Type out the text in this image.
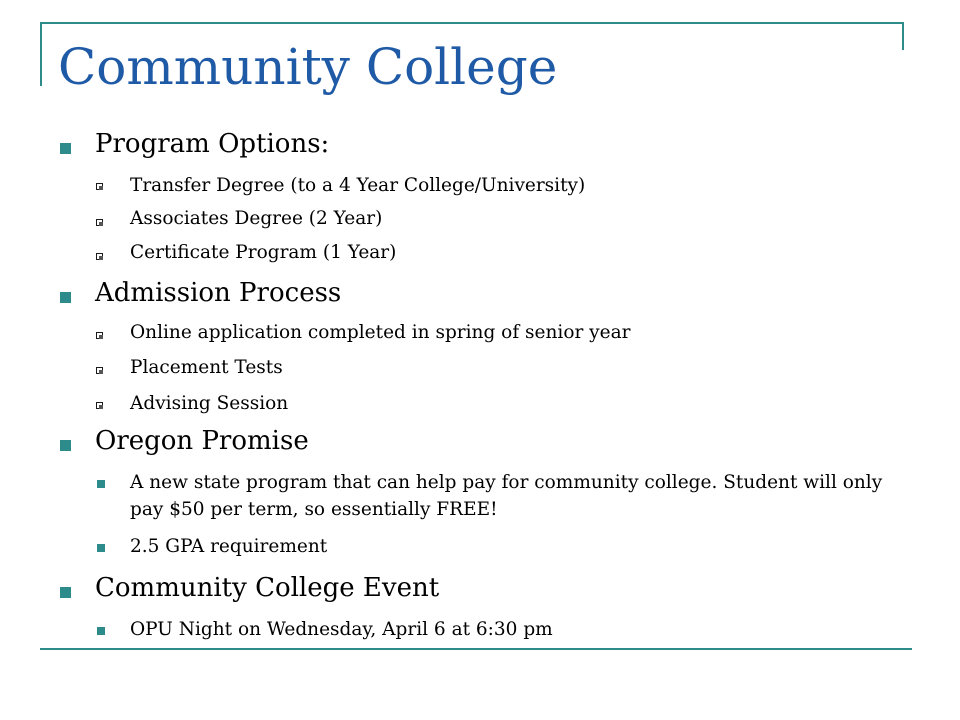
Community College
Program Options:
Transfer Degree (to a 4 Year College/University)
Associates Degree (2 Year)
Certificate Program (1 Year)
Admission Process
Online application completed in spring of senior year
Placement Tests
Advising Session
Oregon Promise
A new state program that can help pay for community college. Student will only pay $50 per term, so essentially FREE!
2.5 GPA requirement
Community College Event
OPU Night on Wednesday, April 6 at 6:30 pm
